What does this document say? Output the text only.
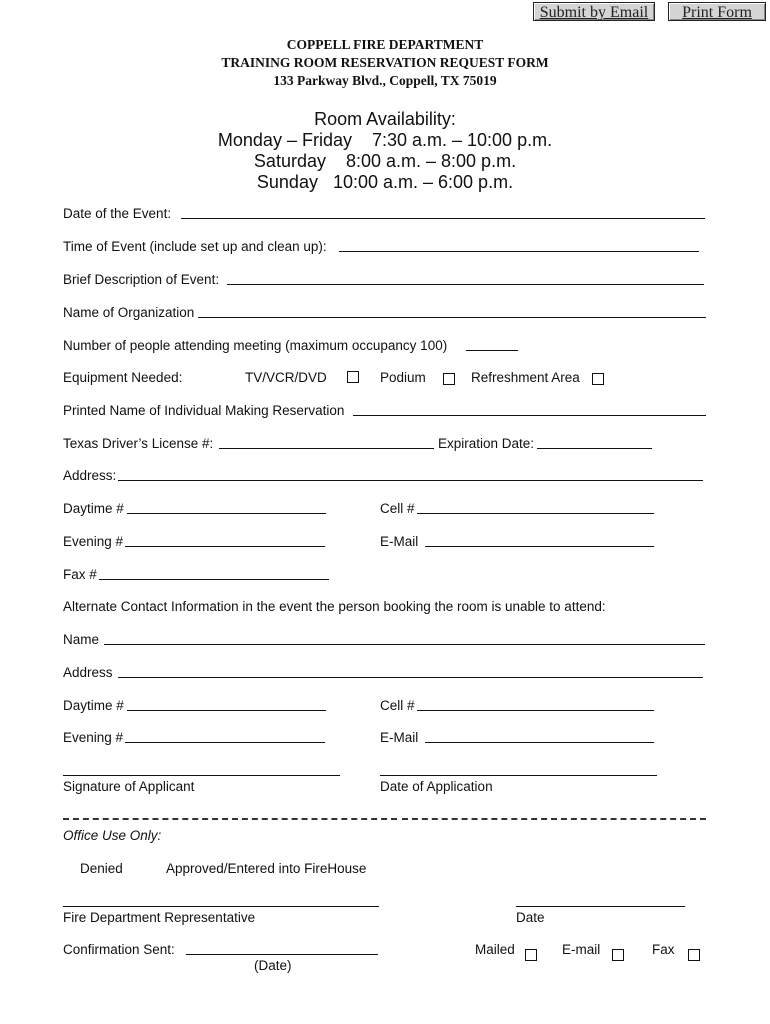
Submit by Email	Print Form
COPPELL FIRE DEPARTMENT
TRAINING ROOM RESERVATION REQUEST FORM
133 Parkway Blvd., Coppell, TX 75019
Room Availability:
Monday – Friday    7:30 a.m. – 10:00 p.m.
Saturday    8:00 a.m. – 8:00 p.m.
Sunday   10:00 a.m. – 6:00 p.m.
Date of the Event:
Time of Event (include set up and clean up):
Brief Description of Event:
Name of Organization
Number of people attending meeting (maximum occupancy 100)
Equipment Needed:	TV/VCR/DVD	Podium	Refreshment Area
Printed Name of Individual Making Reservation
Texas Driver’s License #:	Expiration Date:
Address:
Daytime #	Cell #
Evening #	E-Mail
Fax #
Alternate Contact Information in the event the person booking the room is unable to attend:
Name
Address
Daytime #	Cell #
Evening #	E-Mail
Signature of Applicant	Date of Application
Office Use Only:
Denied	Approved/Entered into FireHouse
Fire Department Representative	Date
Confirmation Sent:
(Date)
Mailed	E-mail	Fax
